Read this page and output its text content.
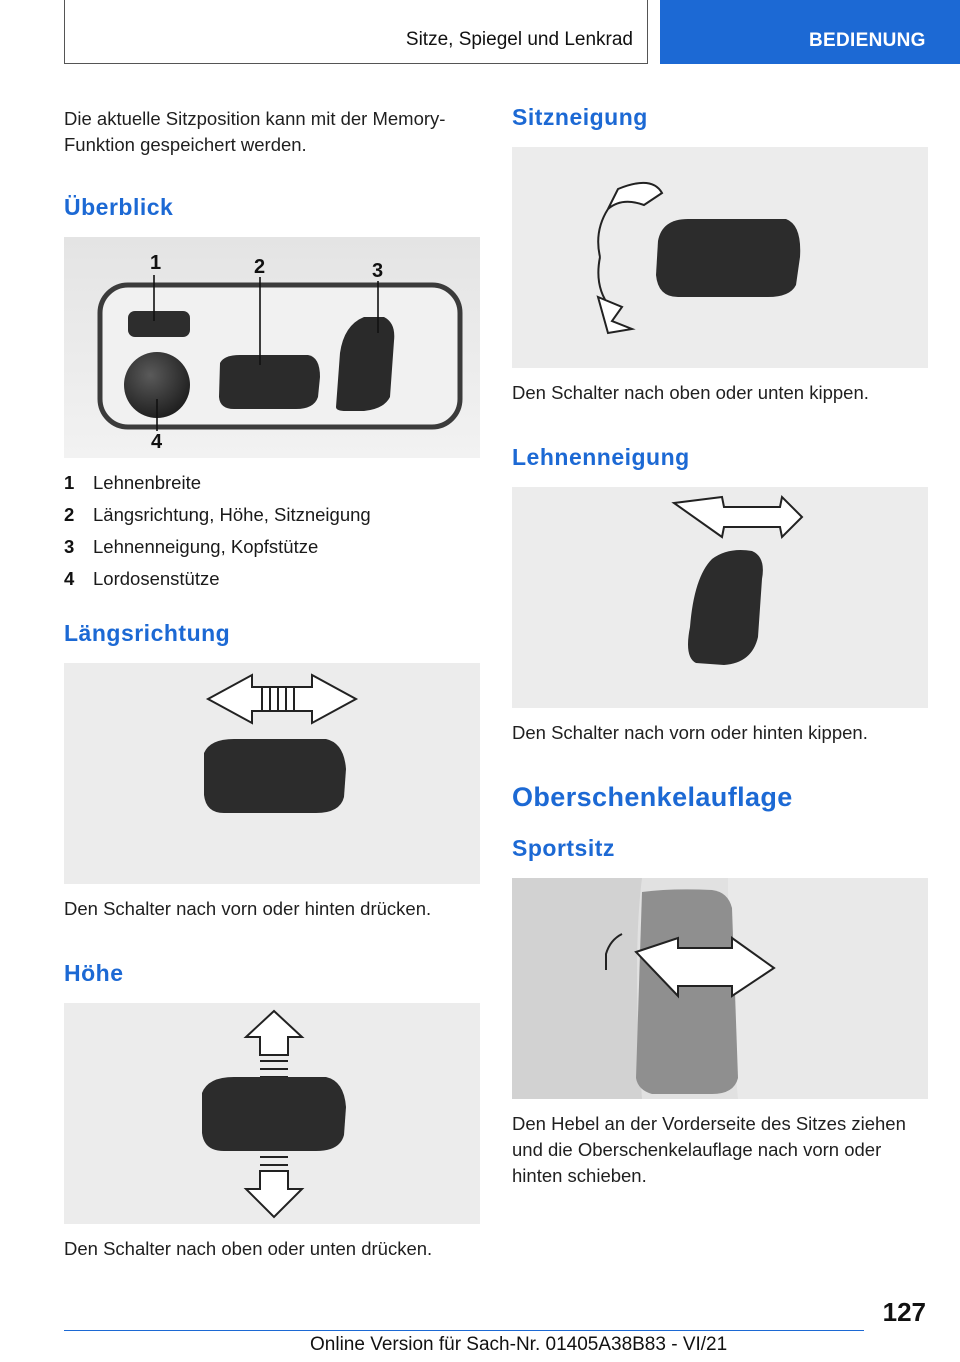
Sitze, Spiegel und Lenkrad	BEDIENUNG

Die aktuelle Sitzposition kann mit der Memory-Funktion gespeichert werden.

Überblick
1	2	3
4
1	Lehnenbreite
2	Längsrichtung, Höhe, Sitzneigung
3	Lehnenneigung, Kopfstütze
4	Lordosenstütze
Längsrichtung

Den Schalter nach vorn oder hinten drücken.

Höhe

Den Schalter nach oben oder unten drücken.

Sitzneigung

Den Schalter nach oben oder unten kippen.

Lehnenneigung

Den Schalter nach vorn oder hinten kippen.

Oberschenkelauflage
Sportsitz

Den Hebel an der Vorderseite des Sitzes ziehen und die Oberschenkelauflage nach vorn oder hinten schieben.

127
Online Version für Sach-Nr. 01405A38B83 - VI/21
